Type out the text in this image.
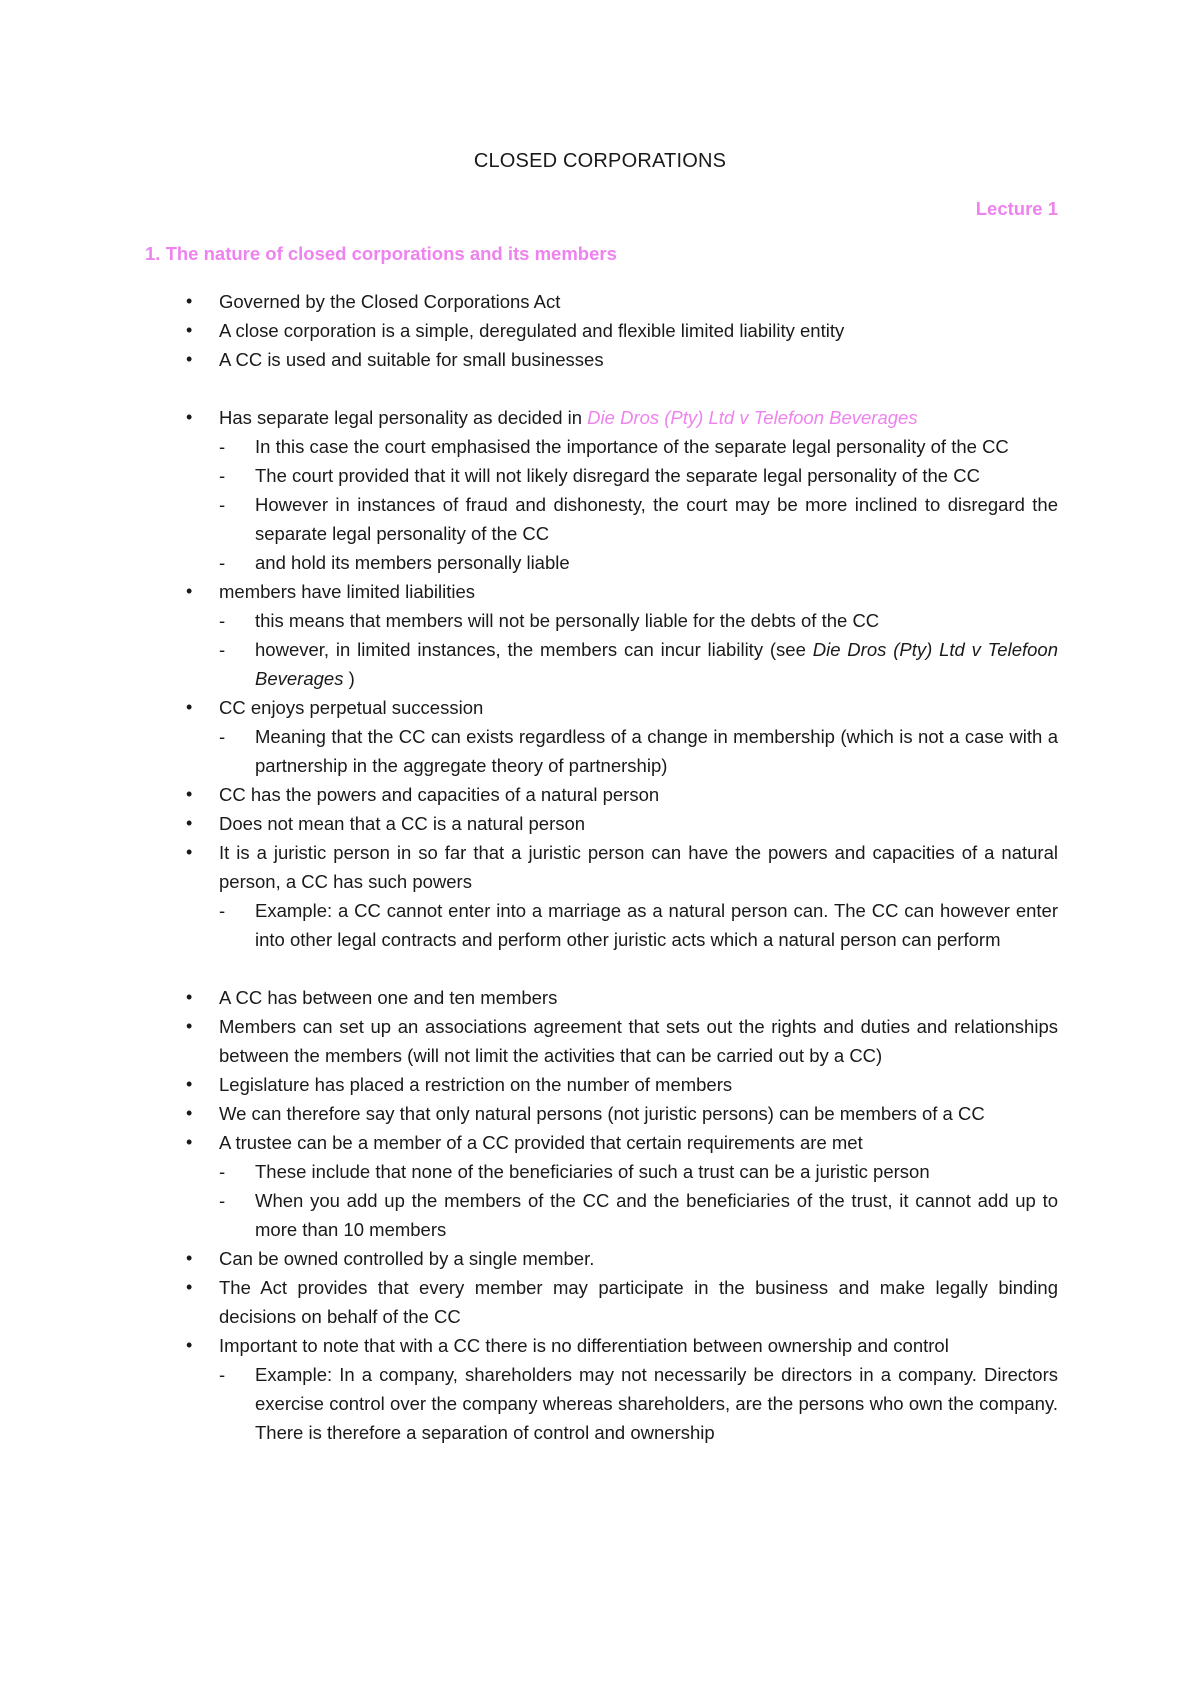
CLOSED CORPORATIONS
Lecture 1
1. The nature of closed corporations and its members
• Governed by the Closed Corporations Act
• A close corporation is a simple, deregulated and flexible limited liability entity
• A CC is used and suitable for small businesses
• Has separate legal personality as decided in Die Dros (Pty) Ltd v Telefoon Beverages
- In this case the court emphasised the importance of the separate legal personality of the CC
- The court provided that it will not likely disregard the separate legal personality of the CC
- However in instances of fraud and dishonesty, the court may be more inclined to disregard the separate legal personality of the CC
- and hold its members personally liable
• members have limited liabilities
- this means that members will not be personally liable for the debts of the CC
- however, in limited instances, the members can incur liability (see Die Dros (Pty) Ltd v Telefoon Beverages )
• CC enjoys perpetual succession
- Meaning that the CC can exists regardless of a change in membership (which is not a case with a partnership in the aggregate theory of partnership)
• CC has the powers and capacities of a natural person
• Does not mean that a CC is a natural person
• It is a juristic person in so far that a juristic person can have the powers and capacities of a natural person, a CC has such powers
- Example: a CC cannot enter into a marriage as a natural person can. The CC can however enter into other legal contracts and perform other juristic acts which a natural person can perform
• A CC has between one and ten members
• Members can set up an associations agreement that sets out the rights and duties and relationships between the members (will not limit the activities that can be carried out by a CC)
• Legislature has placed a restriction on the number of members
• We can therefore say that only natural persons (not juristic persons) can be members of a CC
• A trustee can be a member of a CC provided that certain requirements are met
- These include that none of the beneficiaries of such a trust can be a juristic person
- When you add up the members of the CC and the beneficiaries of the trust, it cannot add up to more than 10 members
• Can be owned controlled by a single member.
• The Act provides that every member may participate in the business and make legally binding decisions on behalf of the CC
• Important to note that with a CC there is no differentiation between ownership and control
- Example: In a company, shareholders may not necessarily be directors in a company. Directors exercise control over the company whereas shareholders, are the persons who own the company. There is therefore a separation of control and ownership
